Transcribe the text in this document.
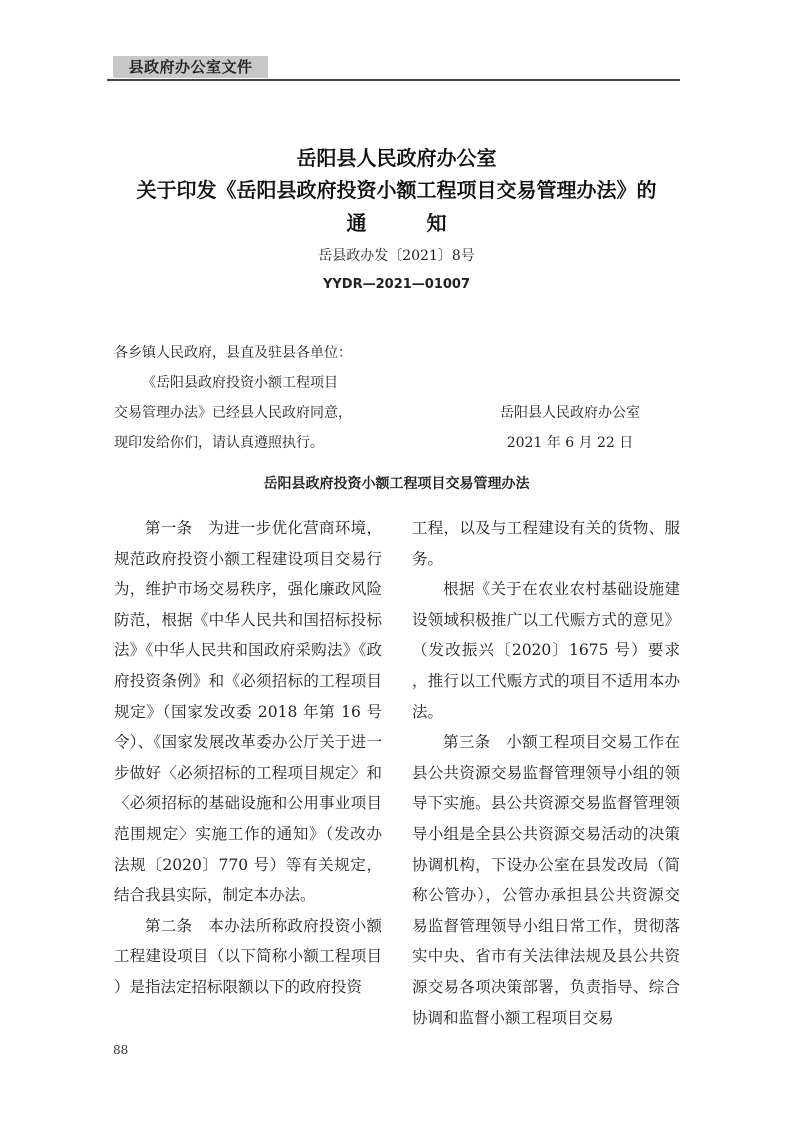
县政府办公室文件
岳阳县人民政府办公室
关于印发《岳阳县政府投资小额工程项目交易管理办法》的
通	知
岳县政办发〔2021〕8号
YYDR—2021—01007
各乡镇人民政府，县直及驻县各单位：
《岳阳县政府投资小额工程项目
交易管理办法》已经县人民政府同意，
现印发给你们，请认真遵照执行。
岳阳县人民政府办公室
2021 年 6 月 22 日
岳阳县政府投资小额工程项目交易管理办法

第一条  为进一步优化营商环境，规范政府投资小额工程建设项目交易行为，维护市场交易秩序，强化廉政风险防范，根据《中华人民共和国招标投标法》《中华人民共和国政府采购法》《政府投资条例》和《必须招标的工程项目规定》（国家发改委 2018 年第 16 号令）、《国家发展改革委办公厅关于进一步做好〈必须招标的工程项目规定〉和〈必须招标的基础设施和公用事业项目范围规定〉实施工作的通知》（发改办法规〔2020〕770 号）等有关规定，结合我县实际，制定本办法。

第二条  本办法所称政府投资小额工程建设项目（以下简称小额工程项目）是指法定招标限额以下的政府投资

工程，以及与工程建设有关的货物、服务。

根据《关于在农业农村基础设施建设领域积极推广以工代赈方式的意见》（发改振兴〔2020〕1675 号）要求，推行以工代赈方式的项目不适用本办法。

第三条  小额工程项目交易工作在县公共资源交易监督管理领导小组的领导下实施。县公共资源交易监督管理领导小组是全县公共资源交易活动的决策协调机构，下设办公室在县发改局（简称公管办），公管办承担县公共资源交易监督管理领导小组日常工作，贯彻落实中央、省市有关法律法规及县公共资源交易各项决策部署，负责指导、综合协调和监督小额工程项目交易

88
